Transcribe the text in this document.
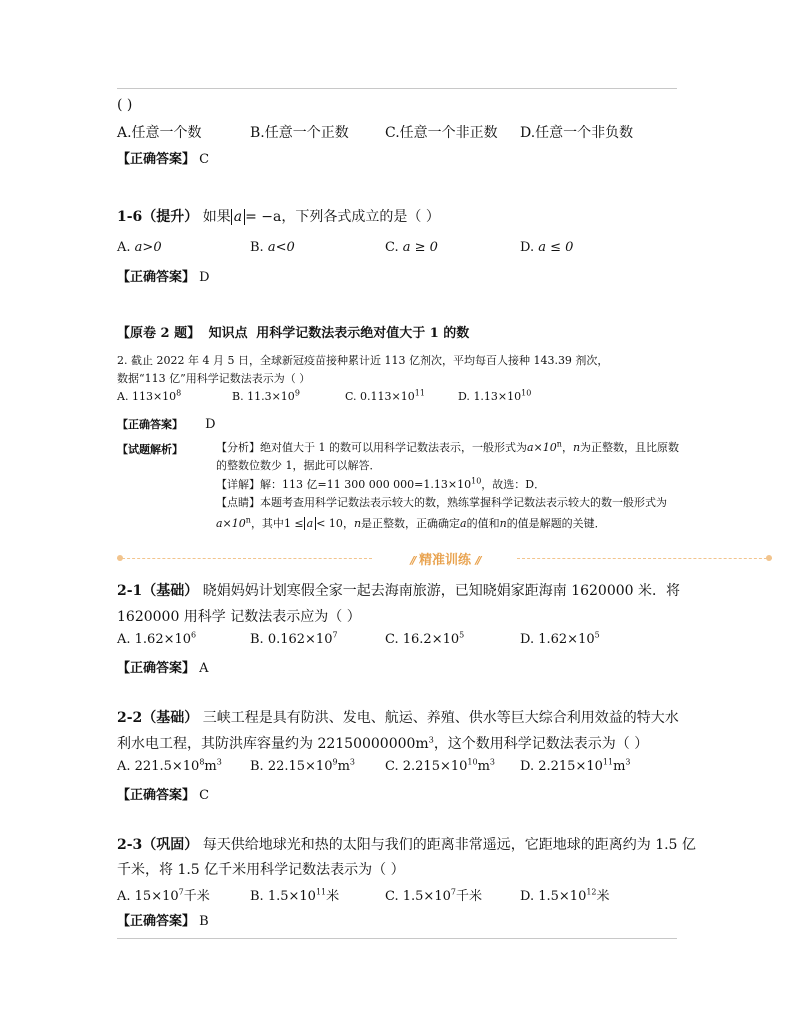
( )
A.任意一个数	B.任意一个正数	C.任意一个非正数 D.任意一个非负数
【正确答案】 C
1-6（提升） 如果 a = −a，下列各式成立的是（ ）
A. a>0	B. a<0	C. a ≥ 0	D. a ≤ 0
【正确答案】 D
【原卷 2 题】 知识点 用科学记数法表示绝对值大于 1 的数
2. 截止 2022 年 4 月 5 日，全球新冠疫苗接种累计近 113 亿剂次，平均每百人接种 143.39 剂次，
数据“113 亿”用科学记数法表示为（ ）
A. $113\times 10^8$	B. $11.3\times 10^9$	C. $0.113\times 10^{11}$	D. $1.13\times 10^{10}$
【正确答案】 D
【试题解析】	【分析】绝对值大于 1 的数可以用科学记数法表示，一般形式为$a\times 10^n$，n为正整数，且比原数
的整数位数少 1，据此可以解答．
【详解】解：113 亿=11 300 000 $000=1.13\times 10^{10}$，故选：D．
【点睛】本题考查用科学记数法表示较大的数，熟练掌握科学记数法表示较大的数一般形式为
$a\times 10^n$，其中1 ≤ a < 10，n是正整数，正确确定a的值和n的值是解题的关键．
// 精准训练 //
2-1（基础） 晓娟妈妈计划寒假全家一起去海南旅游，已知晓娟家距海南 1620000 米．将
1620000 用科学 记数法表示应为（ ）
A. $1.62\times 10^6$	B. $0.162\times 10^7$	C. $16.2\times 10^5$	D. $1.62\times 10^5$
【正确答案】 A
2-2（基础） 三峡工程是具有防洪、发电、航运、养殖、供水等巨大综合利用效益的特大水
利水电工程，其防洪库容量约为 $22150000000m^3$，这个数用科学记数法表示为（ ）
A. $221.5\times 10^8m^3$ B. $22.15\times 10^9m^3$ C. $2.215\times 10^{10}m^3$ D. $2.215\times 10^{11}m^3$
【正确答案】 C
2-3（巩固） 每天供给地球光和热的太阳与我们的距离非常遥远，它距地球的距离约为 1.5 亿
千米，将 1.5 亿千米用科学记数法表示为（ ）
A. $15\times 10^7$千米	B. $1.5\times 10^{11}$米	C. $1.5\times 10^7$千米	D. $1.5\times 10^{12}$米
【正确答案】 B
